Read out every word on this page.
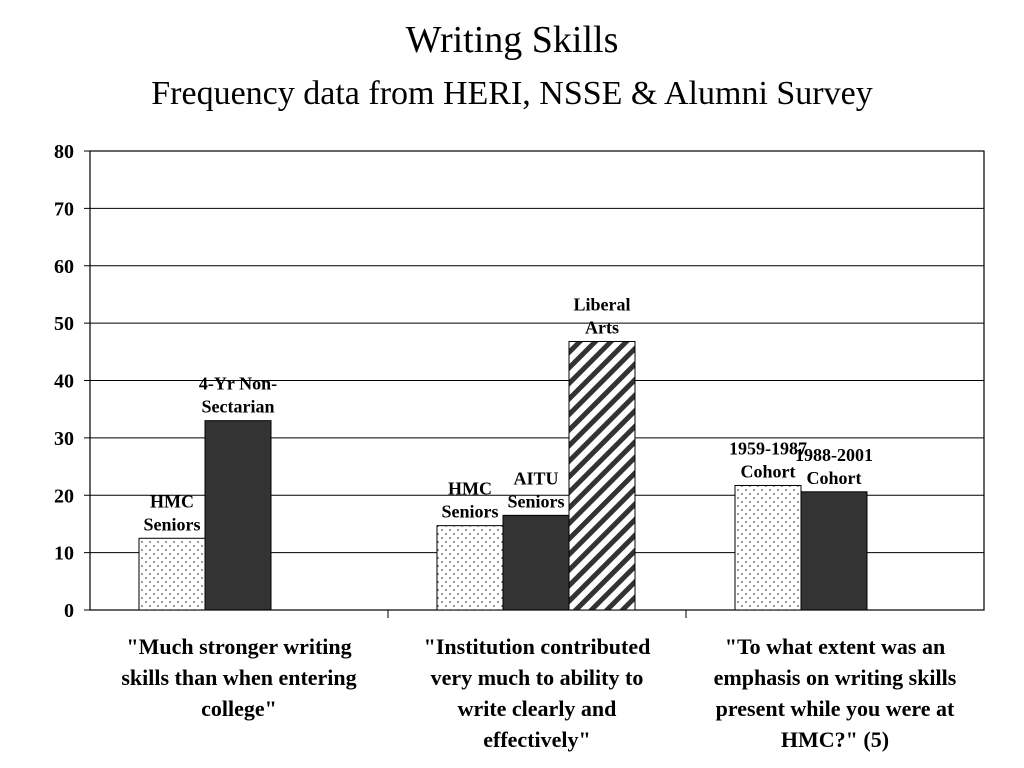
Writing Skills
Frequency data from HERI, NSSE & Alumni Survey
0
10
20
30
40
50
60
70
80
HMC Seniors
4-Yr Non-Sectarian
"Much stronger writing skills than when entering college"
HMC Seniors
AITU Seniors
Liberal Arts
"Institution contributed very much to ability to write clearly and effectively"
1959-1987 Cohort
1988-2001 Cohort
"To what extent was an emphasis on writing skills present while you were at HMC?" (5)
